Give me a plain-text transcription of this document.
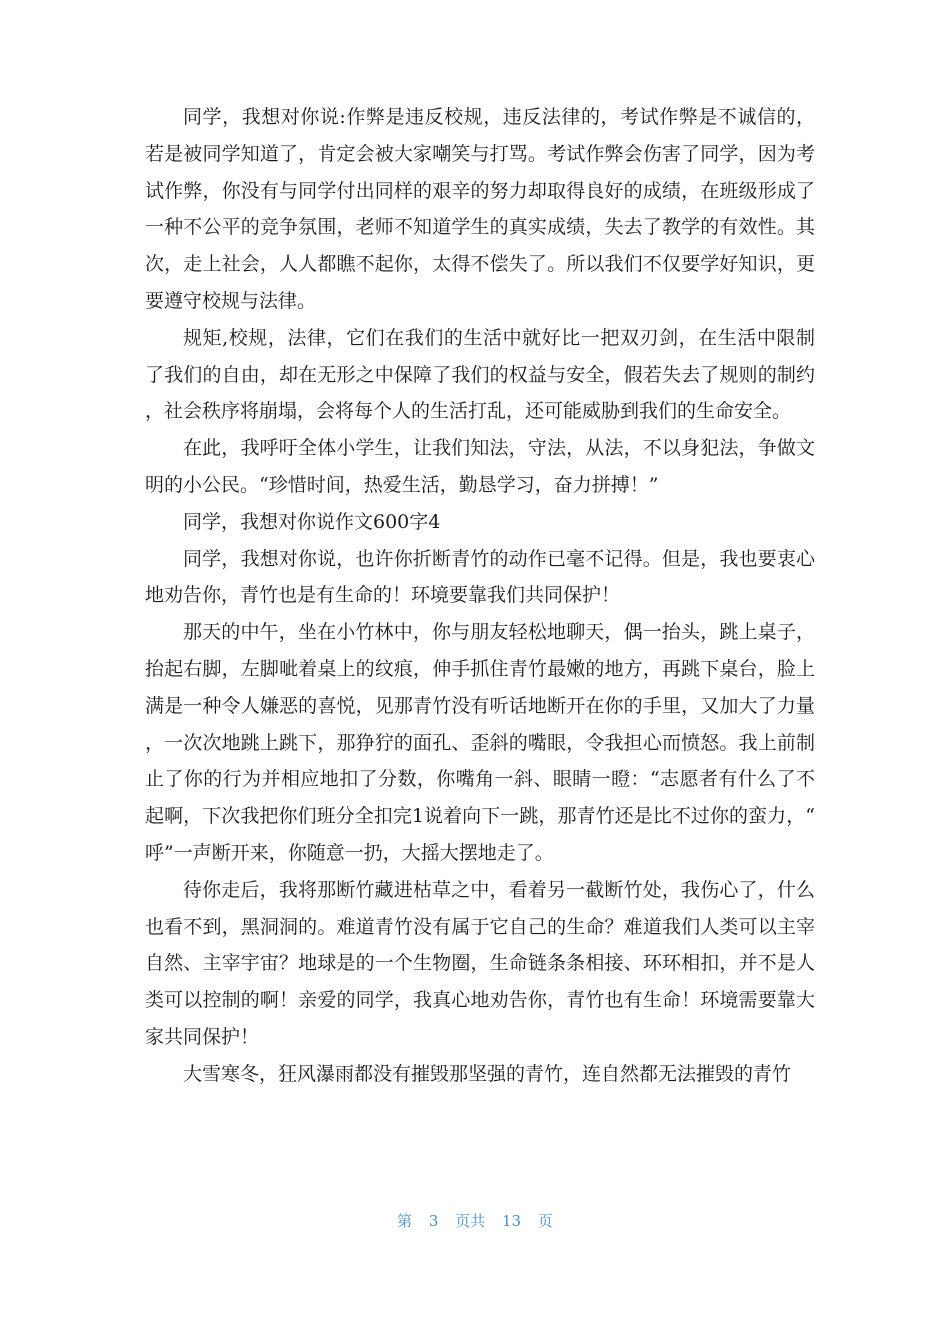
同学，我想对你说:作弊是违反校规，违反法律的，考试作弊是不诚信的，若是被同学知道了，肯定会被大家嘲笑与打骂。考试作弊会伤害了同学，因为考试作弊，你没有与同学付出同样的艰辛的努力却取得良好的成绩，在班级形成了一种不公平的竞争氛围，老师不知道学生的真实成绩，失去了教学的有效性。其次，走上社会，人人都瞧不起你，太得不偿失了。所以我们不仅要学好知识，更要遵守校规与法律。

规矩,校规，法律，它们在我们的生活中就好比一把双刃剑，在生活中限制了我们的自由，却在无形之中保障了我们的权益与安全，假若失去了规则的制约，社会秩序将崩塌，会将每个人的生活打乱，还可能威胁到我们的生命安全。

在此，我呼吁全体小学生，让我们知法，守法，从法，不以身犯法，争做文明的小公民。“珍惜时间，热爱生活，勤恳学习，奋力拼搏！”

同学，我想对你说作文600字4

同学，我想对你说，也许你折断青竹的动作已毫不记得。但是，我也要衷心地劝告你，青竹也是有生命的！环境要靠我们共同保护！

那天的中午，坐在小竹林中，你与朋友轻松地聊天，偶一抬头，跳上桌子，抬起右脚，左脚呲着桌上的纹痕，伸手抓住青竹最嫩的地方，再跳下桌台，脸上满是一种令人嫌恶的喜悦，见那青竹没有听话地断开在你的手里，又加大了力量，一次次地跳上跳下，那狰狞的面孔、歪斜的嘴眼，令我担心而愤怒。我上前制止了你的行为并相应地扣了分数，你嘴角一斜、眼睛一瞪：“志愿者有什么了不起啊，下次我把你们班分全扣完1说着向下一跳，那青竹还是比不过你的蛮力，“呼”一声断开来，你随意一扔，大摇大摆地走了。

待你走后，我将那断竹藏进枯草之中，看着另一截断竹处，我伤心了，什么也看不到，黑洞洞的。难道青竹没有属于它自己的生命？难道我们人类可以主宰自然、主宰宇宙？地球是的一个生物圈，生命链条条相接、环环相扣，并不是人类可以控制的啊！亲爱的同学，我真心地劝告你，青竹也有生命！环境需要靠大家共同保护！

大雪寒冬，狂风瀑雨都没有摧毁那坚强的青竹，连自然都无法摧毁的青竹

第 3 页共 13 页
